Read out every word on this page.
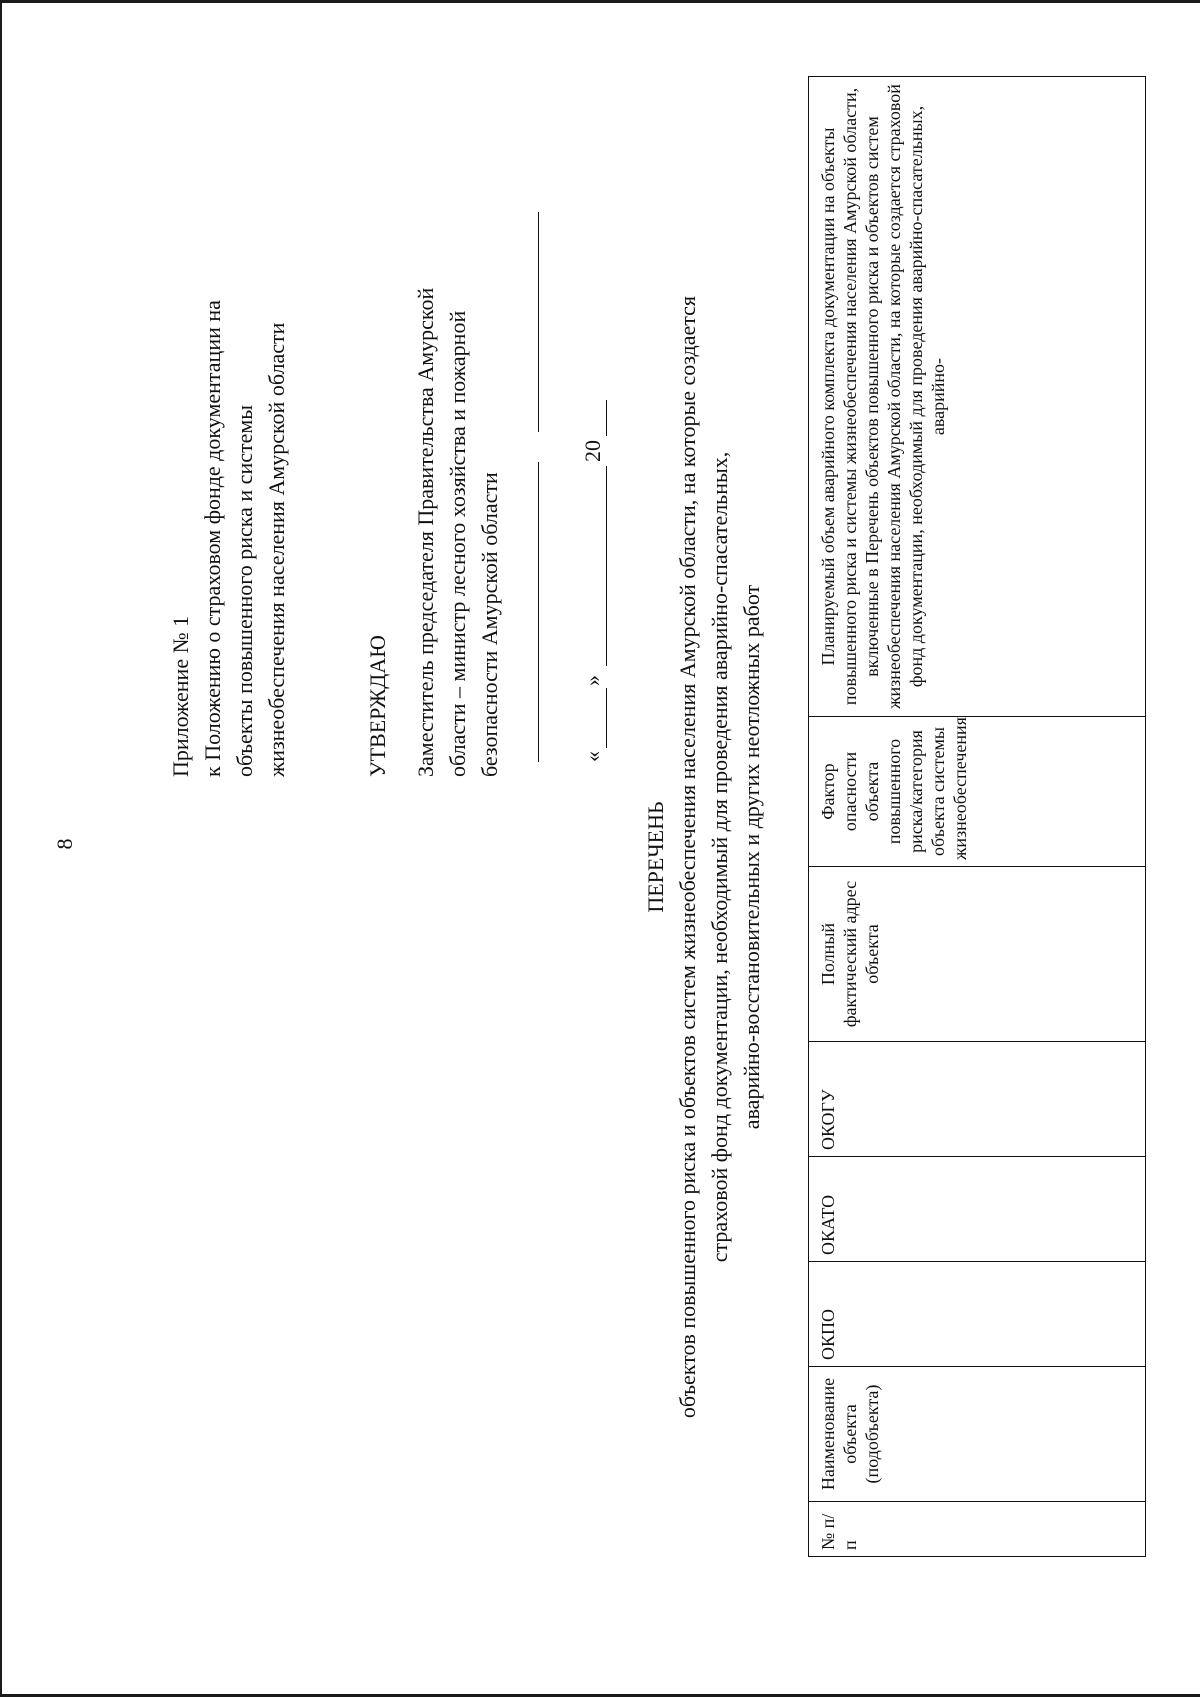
8
Приложение № 1 к Положению о страховом фонде документации на объекты повышенного риска и системы жизнеобеспечения населения Амурской области	УТВЕРЖДАЮ Заместитель председателя Правительства Амурской области – министр лесного хозяйства и пожарной безопасности Амурской области	«
»
20
ПЕРЕЧЕНЬ объектов повышенного риска и объектов систем жизнеобеспечения населения Амурской области, на которые создается страховой фонд документации, необходимый для проведения аварийно-спасательных, аварийно-восстановительных и других неотложных работ
№ п/п	Наименование объекта (подобъекта)	ОКПО	ОКАТО	ОКОГУ	Полный фактический адрес объекта	Фактор опасности объекта повышенного риска/категория объекта системы жизнеобеспечения	Планируемый объем аварийного комплекта документации на объекты повышенного риска и системы жизнеобеспечения населения Амурской области, включенные в Перечень объектов повышенного риска и объектов систем жизнеобеспечения населения Амурской области, на которые создается страховой фонд документации, необходимый для проведения аварийно-спасательных, аварийно-
